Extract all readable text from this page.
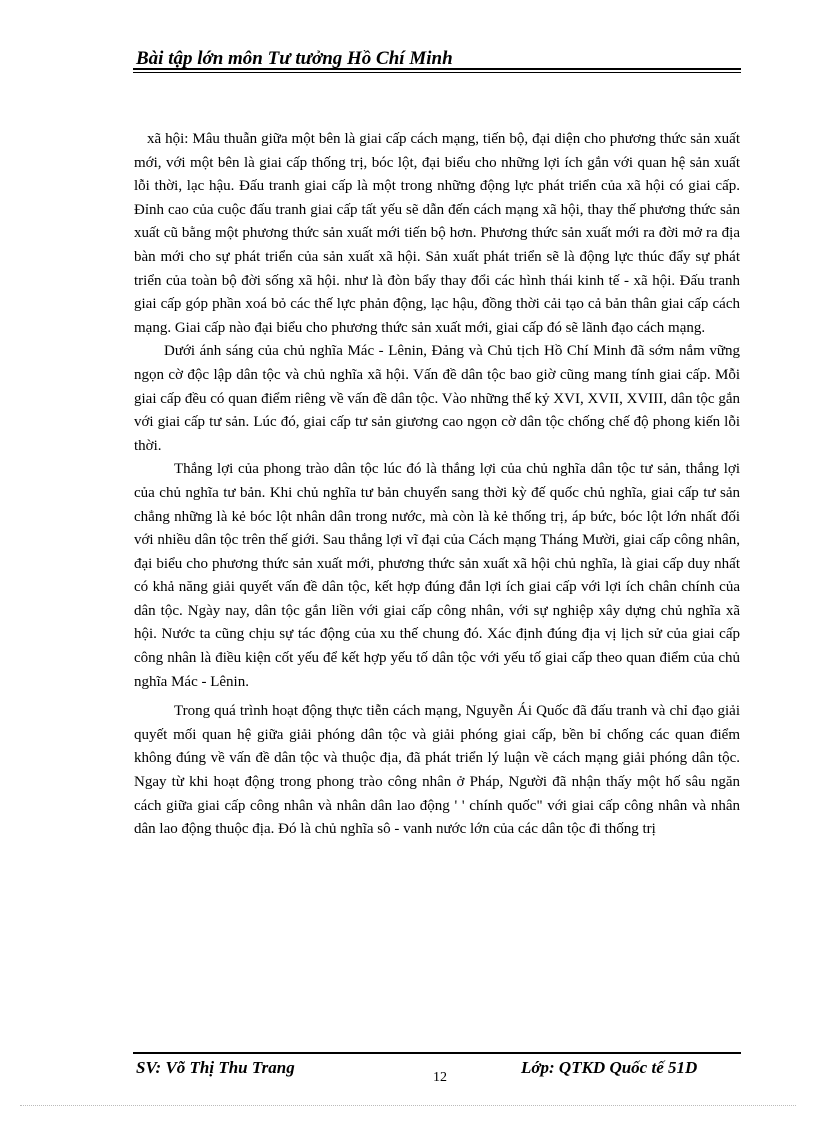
Bài tập lớn môn Tư tưởng Hồ Chí Minh

xã hội: Mâu thuẫn giữa một bên là giai cấp cách mạng, tiến bộ, đại diện cho phương thức sản xuất mới, với một bên là giai cấp thống trị, bóc lột, đại biểu cho những lợi ích gắn với quan hệ sản xuất lỗi thời, lạc hậu. Đấu tranh giai cấp là một trong những động lực phát triển của xã hội có giai cấp. Đỉnh cao của cuộc đấu tranh giai cấp tất yếu sẽ dẫn đến cách mạng xã hội, thay thế phương thức sản xuất cũ bằng một phương thức sản xuất mới tiến bộ hơn. Phương thức sản xuất mới ra đời mở ra địa bàn mới cho sự phát triển của sản xuất xã hội. Sản xuất phát triển sẽ là động lực thúc đẩy sự phát triển của toàn bộ đời sống xã hội. như là đòn bẩy thay đổi các hình thái kinh tế - xã hội. Đấu tranh giai cấp góp phần xoá bỏ các thế lực phản động, lạc hậu, đồng thời cải tạo cả bản thân giai cấp cách mạng. Giai cấp nào đại biểu cho phương thức sản xuất mới, giai cấp đó sẽ lãnh đạo cách mạng.

Dưới ánh sáng của chủ nghĩa Mác - Lênin, Đảng và Chủ tịch Hồ Chí Minh đã sớm nắm vững ngọn cờ độc lập dân tộc và chủ nghĩa xã hội. Vấn đề dân tộc bao giờ cũng mang tính giai cấp. Mỗi giai cấp đều có quan điểm riêng về vấn đề dân tộc. Vào những thế kỷ XVI, XVII, XVIII, dân tộc gắn với giai cấp tư sản. Lúc đó, giai cấp tư sản giương cao ngọn cờ dân tộc chống chế độ phong kiến lỗi thời.

Thắng lợi của phong trào dân tộc lúc đó là thắng lợi của chủ nghĩa dân tộc tư sản, thắng lợi của chủ nghĩa tư bản. Khi chủ nghĩa tư bản chuyển sang thời kỳ đế quốc chủ nghĩa, giai cấp tư sản chẳng những là kẻ bóc lột nhân dân trong nước, mà còn là kẻ thống trị, áp bức, bóc lột lớn nhất đối với nhiều dân tộc trên thế giới. Sau thắng lợi vĩ đại của Cách mạng Tháng Mười, giai cấp công nhân, đại biểu cho phương thức sản xuất mới, phương thức sản xuất xã hội chủ nghĩa, là giai cấp duy nhất có khả năng giải quyết vấn đề dân tộc, kết hợp đúng đắn lợi ích giai cấp với lợi ích chân chính của dân tộc. Ngày nay, dân tộc gắn liền với giai cấp công nhân, với sự nghiệp xây dựng chủ nghĩa xã hội. Nước ta cũng chịu sự tác động của xu thế chung đó. Xác định đúng địa vị lịch sử của giai cấp công nhân là điều kiện cốt yếu để kết hợp yếu tố dân tộc với yếu tố giai cấp theo quan điểm của chủ nghĩa Mác - Lênin.

Trong quá trình hoạt động thực tiễn cách mạng, Nguyễn Ái Quốc đã đấu tranh và chỉ đạo giải quyết mối quan hệ giữa giải phóng dân tộc và giải phóng giai cấp, bền bỉ chống các quan điểm không đúng về vấn đề dân tộc và thuộc địa, đã phát triển lý luận về cách mạng giải phóng dân tộc. Ngay từ khi hoạt động trong phong trào công nhân ở Pháp, Người đã nhận thấy một hố sâu ngăn cách giữa giai cấp công nhân và nhân dân lao động ' ' chính quốc" với giai cấp công nhân và nhân dân lao động thuộc địa. Đó là chủ nghĩa sô - vanh nước lớn của các dân tộc đi thống trị

SV: Võ Thị Thu Trang
12
Lớp: QTKD Quốc tế 51D
